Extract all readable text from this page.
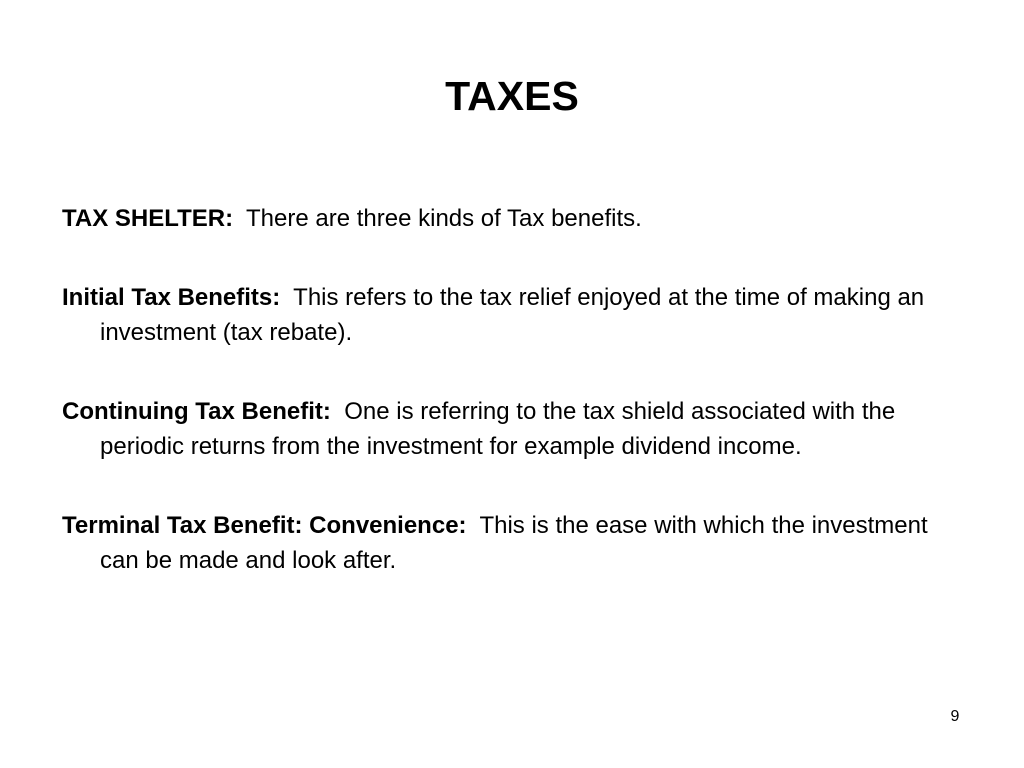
TAXES

TAX SHELTER: There are three kinds of Tax benefits.

Initial Tax Benefits: This refers to the tax relief enjoyed at the time of making an investment (tax rebate).

Continuing Tax Benefit: One is referring to the tax shield associated with the periodic returns from the investment for example dividend income.

Terminal Tax Benefit: Convenience: This is the ease with which the investment can be made and look after.

9
